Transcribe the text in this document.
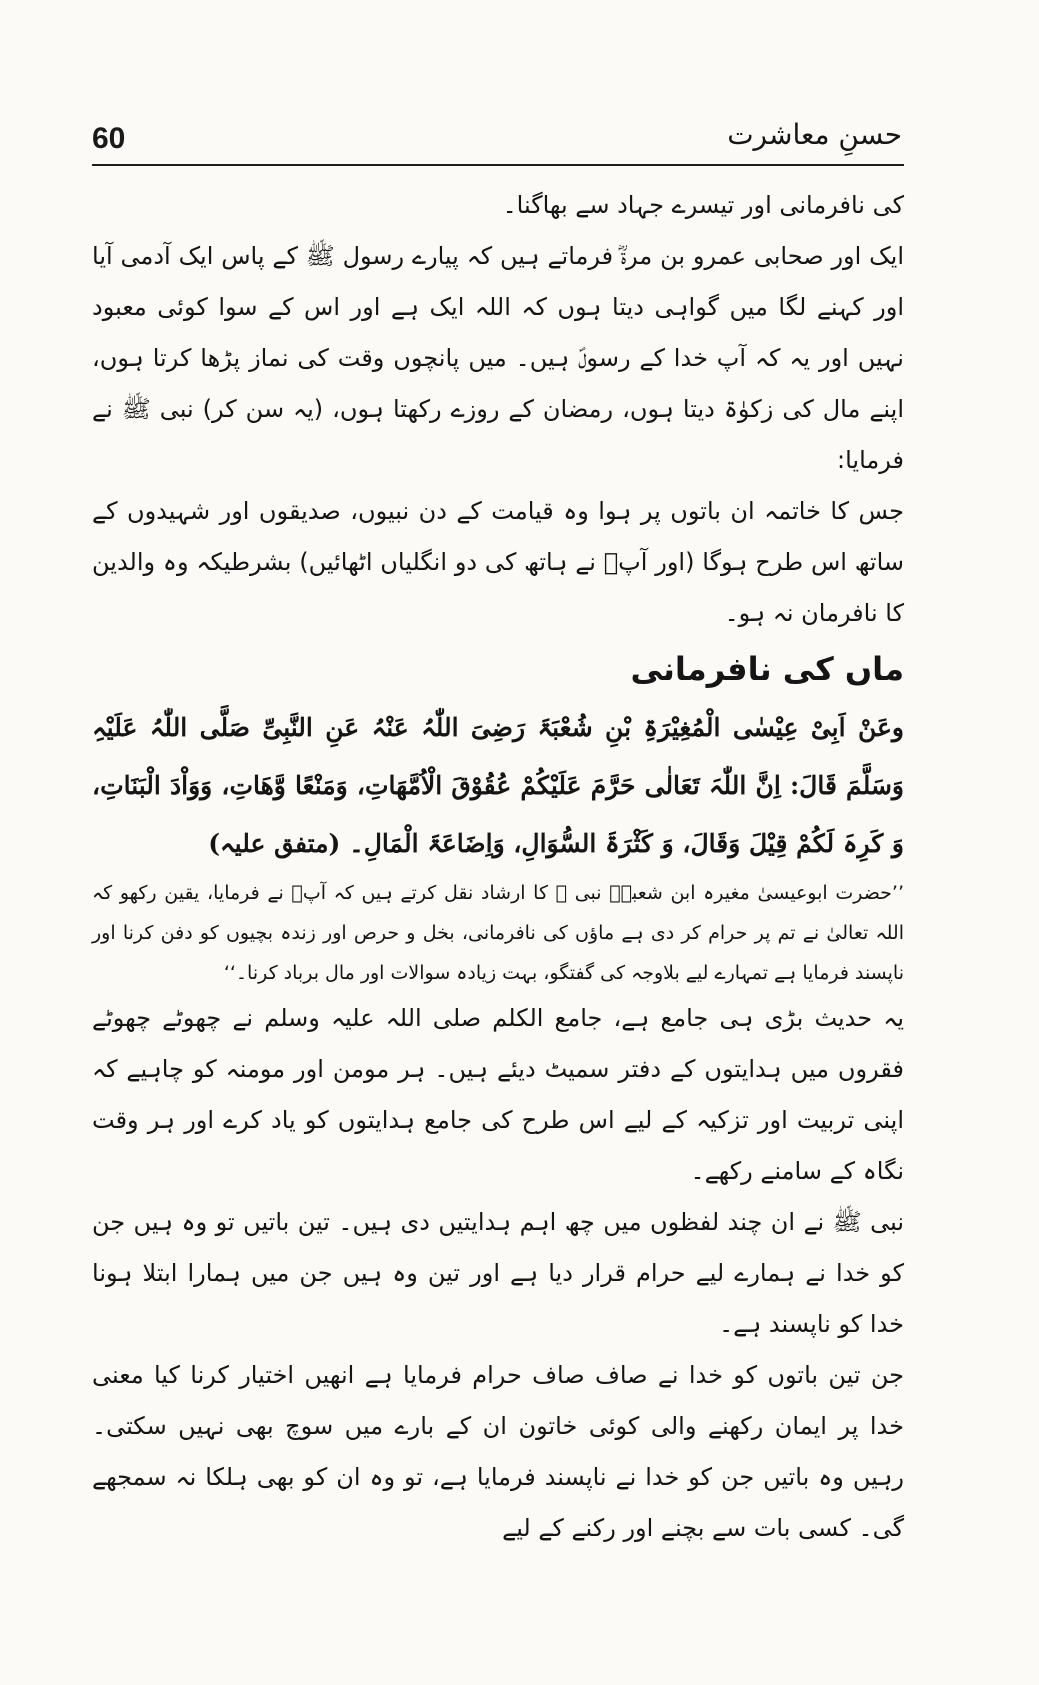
60	حسنِ معاشرت

کی نافرمانی اور تیسرے جہاد سے بھاگنا۔

ایک اور صحابی عمرو بن مرۃؓ فرماتے ہیں کہ پیارے رسول ﷺ کے پاس ایک آدمی آیا اور کہنے لگا میں گواہی دیتا ہوں کہ اللہ ایک ہے اور اس کے سوا کوئی معبود نہیں اور یہ کہ آپ خدا کے رسولؐ ہیں۔ میں پانچوں وقت کی نماز پڑھا کرتا ہوں، اپنے مال کی زکوٰۃ دیتا ہوں، رمضان کے روزے رکھتا ہوں، (یہ سن کر) نبی ﷺ نے فرمایا:

جس کا خاتمہ ان باتوں پر ہوا وہ قیامت کے دن نبیوں، صدیقوں اور شہیدوں کے ساتھ اس طرح ہوگا (اور آپؐ نے ہاتھ کی دو انگلیاں اٹھائیں) بشرطیکہ وہ والدین کا نافرمان نہ ہو۔

ماں کی نافرمانی

وعَنْ اَبِیْ عِیْسٰی الْمُغِیْرَۃِ بْنِ شُعْبَۃَ رَضِیَ اللّٰہُ عَنْہُ عَنِ النَّبِیِّ صَلَّی اللّٰہُ عَلَیْہِ وَسَلَّمَ قَالَ: اِنَّ اللّٰہَ تَعَالٰی حَرَّمَ عَلَیْکُمْ عُقُوْقَ الْاُمَّھَاتِ، وَمَنْعًا وَّھَاتِ، وَوَاْدَ الْبَنَاتِ، وَ کَرِہَ لَکُمْ قِیْلَ وَقَالَ، وَ کَثْرَۃَ السُّوَالِ، وَاِضَاعَۃَ الْمَالِ۔ (متفق علیہ)

’’حضرت ابوعیسیٰ مغیرہ ابن شعبہؓ نبی ﷺ کا ارشاد نقل کرتے ہیں کہ آپؐ نے فرمایا، یقین رکھو کہ اللہ تعالیٰ نے تم پر حرام کر دی ہے ماؤں کی نافرمانی، بخل و حرص اور زندہ بچیوں کو دفن کرنا اور ناپسند فرمایا ہے تمہارے لیے بلاوجہ کی گفتگو، بہت زیادہ سوالات اور مال برباد کرنا۔‘‘

یہ حدیث بڑی ہی جامع ہے، جامع الکلم صلی اللہ علیہ وسلم نے چھوٹے چھوٹے فقروں میں ہدایتوں کے دفتر سمیٹ دیئے ہیں۔ ہر مومن اور مومنہ کو چاہیے کہ اپنی تربیت اور تزکیہ کے لیے اس طرح کی جامع ہدایتوں کو یاد کرے اور ہر وقت نگاہ کے سامنے رکھے۔

نبی ﷺ نے ان چند لفظوں میں چھ اہم ہدایتیں دی ہیں۔ تین باتیں تو وہ ہیں جن کو خدا نے ہمارے لیے حرام قرار دیا ہے اور تین وہ ہیں جن میں ہمارا ابتلا ہونا خدا کو ناپسند ہے۔

جن تین باتوں کو خدا نے صاف صاف حرام فرمایا ہے انھیں اختیار کرنا کیا معنی خدا پر ایمان رکھنے والی کوئی خاتون ان کے بارے میں سوچ بھی نہیں سکتی۔ رہیں وہ باتیں جن کو خدا نے ناپسند فرمایا ہے، تو وہ ان کو بھی ہلکا نہ سمجھے گی۔ کسی بات سے بچنے اور رکنے کے لیے
